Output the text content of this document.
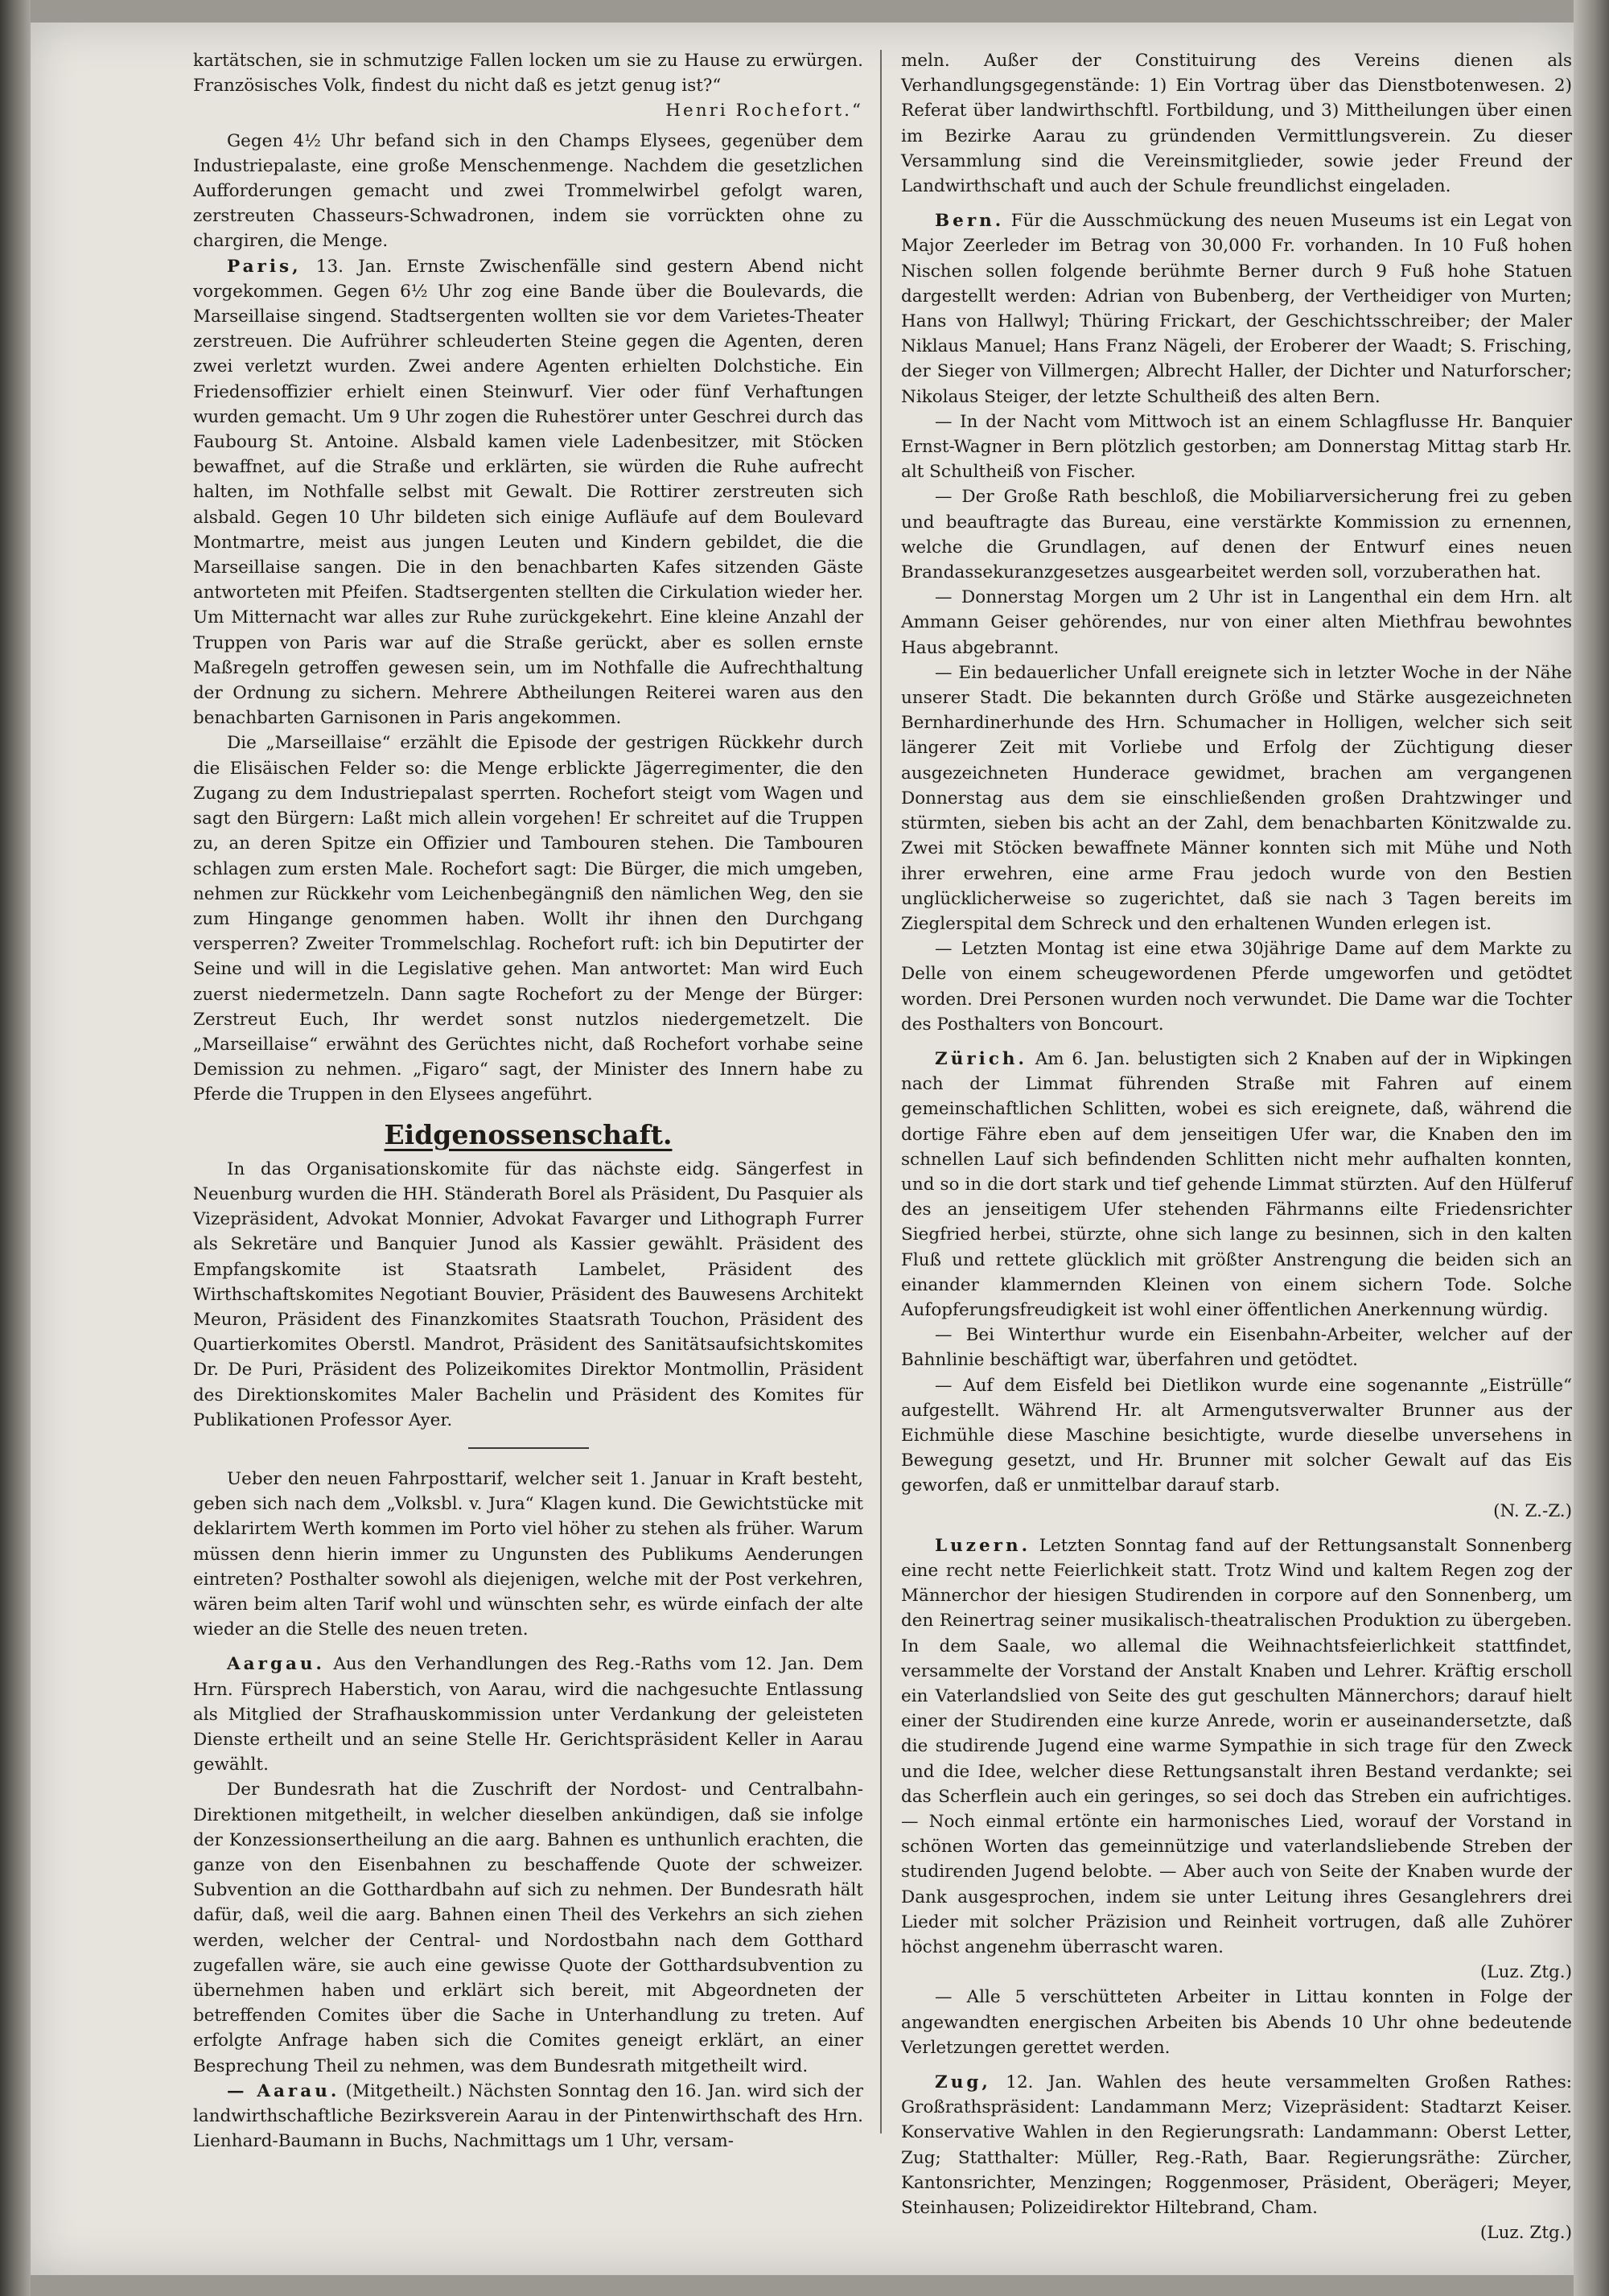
kartätschen, sie in schmutzige Fallen locken um sie zu Hause zu erwürgen. Französisches Volk, findest du nicht daß es jetzt genug ist?“

Henri Rochefort.“

Gegen 4½ Uhr befand sich in den Champs Elysees, gegenüber dem Industriepalaste, eine große Menschenmenge. Nachdem die gesetzlichen Aufforderungen gemacht und zwei Trommelwirbel gefolgt waren, zerstreuten Chasseurs-Schwadronen, indem sie vorrückten ohne zu chargiren, die Menge.

Paris, 13. Jan. Ernste Zwischenfälle sind gestern Abend nicht vorgekommen. Gegen 6½ Uhr zog eine Bande über die Boulevards, die Marseillaise singend. Stadtsergenten wollten sie vor dem Varietes-Theater zerstreuen. Die Aufrührer schleuderten Steine gegen die Agenten, deren zwei verletzt wurden. Zwei andere Agenten erhielten Dolchstiche. Ein Friedensoffizier erhielt einen Steinwurf. Vier oder fünf Verhaftungen wurden gemacht. Um 9 Uhr zogen die Ruhestörer unter Geschrei durch das Faubourg St. Antoine. Alsbald kamen viele Ladenbesitzer, mit Stöcken bewaffnet, auf die Straße und erklärten, sie würden die Ruhe aufrecht halten, im Nothfalle selbst mit Gewalt. Die Rottirer zerstreuten sich alsbald. Gegen 10 Uhr bildeten sich einige Aufläufe auf dem Boulevard Montmartre, meist aus jungen Leuten und Kindern gebildet, die die Marseillaise sangen. Die in den benachbarten Kafes sitzenden Gäste antworteten mit Pfeifen. Stadtsergenten stellten die Cirkulation wieder her. Um Mitternacht war alles zur Ruhe zurückgekehrt. Eine kleine Anzahl der Truppen von Paris war auf die Straße gerückt, aber es sollen ernste Maßregeln getroffen gewesen sein, um im Nothfalle die Aufrechthaltung der Ordnung zu sichern. Mehrere Abtheilungen Reiterei waren aus den benachbarten Garnisonen in Paris angekommen.

Die „Marseillaise“ erzählt die Episode der gestrigen Rückkehr durch die Elisäischen Felder so: die Menge erblickte Jägerregimenter, die den Zugang zu dem Industriepalast sperrten. Rochefort steigt vom Wagen und sagt den Bürgern: Laßt mich allein vorgehen! Er schreitet auf die Truppen zu, an deren Spitze ein Offizier und Tambouren stehen. Die Tambouren schlagen zum ersten Male. Rochefort sagt: Die Bürger, die mich umgeben, nehmen zur Rückkehr vom Leichenbegängniß den nämlichen Weg, den sie zum Hingange genommen haben. Wollt ihr ihnen den Durchgang versperren? Zweiter Trommelschlag. Rochefort ruft: ich bin Deputirter der Seine und will in die Legislative gehen. Man antwortet: Man wird Euch zuerst niedermetzeln. Dann sagte Rochefort zu der Menge der Bürger: Zerstreut Euch, Ihr werdet sonst nutzlos niedergemetzelt. Die „Marseillaise“ erwähnt des Gerüchtes nicht, daß Rochefort vorhabe seine Demission zu nehmen. „Figaro“ sagt, der Minister des Innern habe zu Pferde die Truppen in den Elysees angeführt.

Eidgenossenschaft.

In das Organisationskomite für das nächste eidg. Sängerfest in Neuenburg wurden die HH. Ständerath Borel als Präsident, Du Pasquier als Vizepräsident, Advokat Monnier, Advokat Favarger und Lithograph Furrer als Sekretäre und Banquier Junod als Kassier gewählt. Präsident des Empfangskomite ist Staatsrath Lambelet, Präsident des Wirthschaftskomites Negotiant Bouvier, Präsident des Bauwesens Architekt Meuron, Präsident des Finanzkomites Staatsrath Touchon, Präsident des Quartierkomites Oberstl. Mandrot, Präsident des Sanitätsaufsichtskomites Dr. De Puri, Präsident des Polizeikomites Direktor Montmollin, Präsident des Direktionskomites Maler Bachelin und Präsident des Komites für Publikationen Professor Ayer.

Ueber den neuen Fahrposttarif, welcher seit 1. Januar in Kraft besteht, geben sich nach dem „Volksbl. v. Jura“ Klagen kund. Die Gewichtstücke mit deklarirtem Werth kommen im Porto viel höher zu stehen als früher. Warum müssen denn hierin immer zu Ungunsten des Publikums Aenderungen eintreten? Posthalter sowohl als diejenigen, welche mit der Post verkehren, wären beim alten Tarif wohl und wünschten sehr, es würde einfach der alte wieder an die Stelle des neuen treten.

Aargau. Aus den Verhandlungen des Reg.-Raths vom 12. Jan. Dem Hrn. Fürsprech Haberstich, von Aarau, wird die nachgesuchte Entlassung als Mitglied der Strafhauskommission unter Verdankung der geleisteten Dienste ertheilt und an seine Stelle Hr. Gerichtspräsident Keller in Aarau gewählt.

Der Bundesrath hat die Zuschrift der Nordost- und Centralbahn-Direktionen mitgetheilt, in welcher dieselben ankündigen, daß sie infolge der Konzessionsertheilung an die aarg. Bahnen es unthunlich erachten, die ganze von den Eisenbahnen zu beschaffende Quote der schweizer. Subvention an die Gotthardbahn auf sich zu nehmen. Der Bundesrath hält dafür, daß, weil die aarg. Bahnen einen Theil des Verkehrs an sich ziehen werden, welcher der Central- und Nordostbahn nach dem Gotthard zugefallen wäre, sie auch eine gewisse Quote der Gotthardsubvention zu übernehmen haben und erklärt sich bereit, mit Abgeordneten der betreffenden Comites über die Sache in Unterhandlung zu treten. Auf erfolgte Anfrage haben sich die Comites geneigt erklärt, an einer Besprechung Theil zu nehmen, was dem Bundesrath mitgetheilt wird.

— Aarau. (Mitgetheilt.) Nächsten Sonntag den 16. Jan. wird sich der landwirthschaftliche Bezirksverein Aarau in der Pintenwirthschaft des Hrn. Lienhard-Baumann in Buchs, Nachmittags um 1 Uhr, versam-

meln. Außer der Constituirung des Vereins dienen als Verhandlungsgegenstände: 1) Ein Vortrag über das Dienstbotenwesen. 2) Referat über landwirthschftl. Fortbildung, und 3) Mittheilungen über einen im Bezirke Aarau zu gründenden Vermittlungsverein. Zu dieser Versammlung sind die Vereinsmitglieder, sowie jeder Freund der Landwirthschaft und auch der Schule freundlichst eingeladen.

Bern. Für die Ausschmückung des neuen Museums ist ein Legat von Major Zeerleder im Betrag von 30,000 Fr. vorhanden. In 10 Fuß hohen Nischen sollen folgende berühmte Berner durch 9 Fuß hohe Statuen dargestellt werden: Adrian von Bubenberg, der Vertheidiger von Murten; Hans von Hallwyl; Thüring Frickart, der Geschichtsschreiber; der Maler Niklaus Manuel; Hans Franz Nägeli, der Eroberer der Waadt; S. Frisching, der Sieger von Villmergen; Albrecht Haller, der Dichter und Naturforscher; Nikolaus Steiger, der letzte Schultheiß des alten Bern.

— In der Nacht vom Mittwoch ist an einem Schlagflusse Hr. Banquier Ernst-Wagner in Bern plötzlich gestorben; am Donnerstag Mittag starb Hr. alt Schultheiß von Fischer.

— Der Große Rath beschloß, die Mobiliarversicherung frei zu geben und beauftragte das Bureau, eine verstärkte Kommission zu ernennen, welche die Grundlagen, auf denen der Entwurf eines neuen Brandassekuranzgesetzes ausgearbeitet werden soll, vorzuberathen hat.

— Donnerstag Morgen um 2 Uhr ist in Langenthal ein dem Hrn. alt Ammann Geiser gehörendes, nur von einer alten Miethfrau bewohntes Haus abgebrannt.

— Ein bedauerlicher Unfall ereignete sich in letzter Woche in der Nähe unserer Stadt. Die bekannten durch Größe und Stärke ausgezeichneten Bernhardinerhunde des Hrn. Schumacher in Holligen, welcher sich seit längerer Zeit mit Vorliebe und Erfolg der Züchtigung dieser ausgezeichneten Hunderace gewidmet, brachen am vergangenen Donnerstag aus dem sie einschließenden großen Drahtzwinger und stürmten, sieben bis acht an der Zahl, dem benachbarten Könitzwalde zu. Zwei mit Stöcken bewaffnete Männer konnten sich mit Mühe und Noth ihrer erwehren, eine arme Frau jedoch wurde von den Bestien unglücklicherweise so zugerichtet, daß sie nach 3 Tagen bereits im Zieglerspital dem Schreck und den erhaltenen Wunden erlegen ist.

— Letzten Montag ist eine etwa 30jährige Dame auf dem Markte zu Delle von einem scheugewordenen Pferde umgeworfen und getödtet worden. Drei Personen wurden noch verwundet. Die Dame war die Tochter des Posthalters von Boncourt.

Zürich. Am 6. Jan. belustigten sich 2 Knaben auf der in Wipkingen nach der Limmat führenden Straße mit Fahren auf einem gemeinschaftlichen Schlitten, wobei es sich ereignete, daß, während die dortige Fähre eben auf dem jenseitigen Ufer war, die Knaben den im schnellen Lauf sich befindenden Schlitten nicht mehr aufhalten konnten, und so in die dort stark und tief gehende Limmat stürzten. Auf den Hülferuf des an jenseitigem Ufer stehenden Fährmanns eilte Friedensrichter Siegfried herbei, stürzte, ohne sich lange zu besinnen, sich in den kalten Fluß und rettete glücklich mit größter Anstrengung die beiden sich an einander klammernden Kleinen von einem sichern Tode. Solche Aufopferungsfreudigkeit ist wohl einer öffentlichen Anerkennung würdig.

— Bei Winterthur wurde ein Eisenbahn-Arbeiter, welcher auf der Bahnlinie beschäftigt war, überfahren und getödtet.

— Auf dem Eisfeld bei Dietlikon wurde eine sogenannte „Eistrülle“ aufgestellt. Während Hr. alt Armengutsverwalter Brunner aus der Eichmühle diese Maschine besichtigte, wurde dieselbe unversehens in Bewegung gesetzt, und Hr. Brunner mit solcher Gewalt auf das Eis geworfen, daß er unmittelbar darauf starb.

(N. Z.-Z.)

Luzern. Letzten Sonntag fand auf der Rettungsanstalt Sonnenberg eine recht nette Feierlichkeit statt. Trotz Wind und kaltem Regen zog der Männerchor der hiesigen Studirenden in corpore auf den Sonnenberg, um den Reinertrag seiner musikalisch-theatralischen Produktion zu übergeben. In dem Saale, wo allemal die Weihnachtsfeierlichkeit stattfindet, versammelte der Vorstand der Anstalt Knaben und Lehrer. Kräftig erscholl ein Vaterlandslied von Seite des gut geschulten Männerchors; darauf hielt einer der Studirenden eine kurze Anrede, worin er auseinandersetzte, daß die studirende Jugend eine warme Sympathie in sich trage für den Zweck und die Idee, welcher diese Rettungsanstalt ihren Bestand verdankte; sei das Scherflein auch ein geringes, so sei doch das Streben ein aufrichtiges. — Noch einmal ertönte ein harmonisches Lied, worauf der Vorstand in schönen Worten das gemeinnützige und vaterlandsliebende Streben der studirenden Jugend belobte. — Aber auch von Seite der Knaben wurde der Dank ausgesprochen, indem sie unter Leitung ihres Gesanglehrers drei Lieder mit solcher Präzision und Reinheit vortrugen, daß alle Zuhörer höchst angenehm überrascht waren.

(Luz. Ztg.)

— Alle 5 verschütteten Arbeiter in Littau konnten in Folge der angewandten energischen Arbeiten bis Abends 10 Uhr ohne bedeutende Verletzungen gerettet werden.

Zug, 12. Jan. Wahlen des heute versammelten Großen Rathes: Großrathspräsident: Landammann Merz; Vizepräsident: Stadtarzt Keiser. Konservative Wahlen in den Regierungsrath: Landammann: Oberst Letter, Zug; Statthalter: Müller, Reg.-Rath, Baar. Regierungsräthe: Zürcher, Kantonsrichter, Menzingen; Roggenmoser, Präsident, Oberägeri; Meyer, Steinhausen; Polizeidirektor Hiltebrand, Cham.

(Luz. Ztg.)
